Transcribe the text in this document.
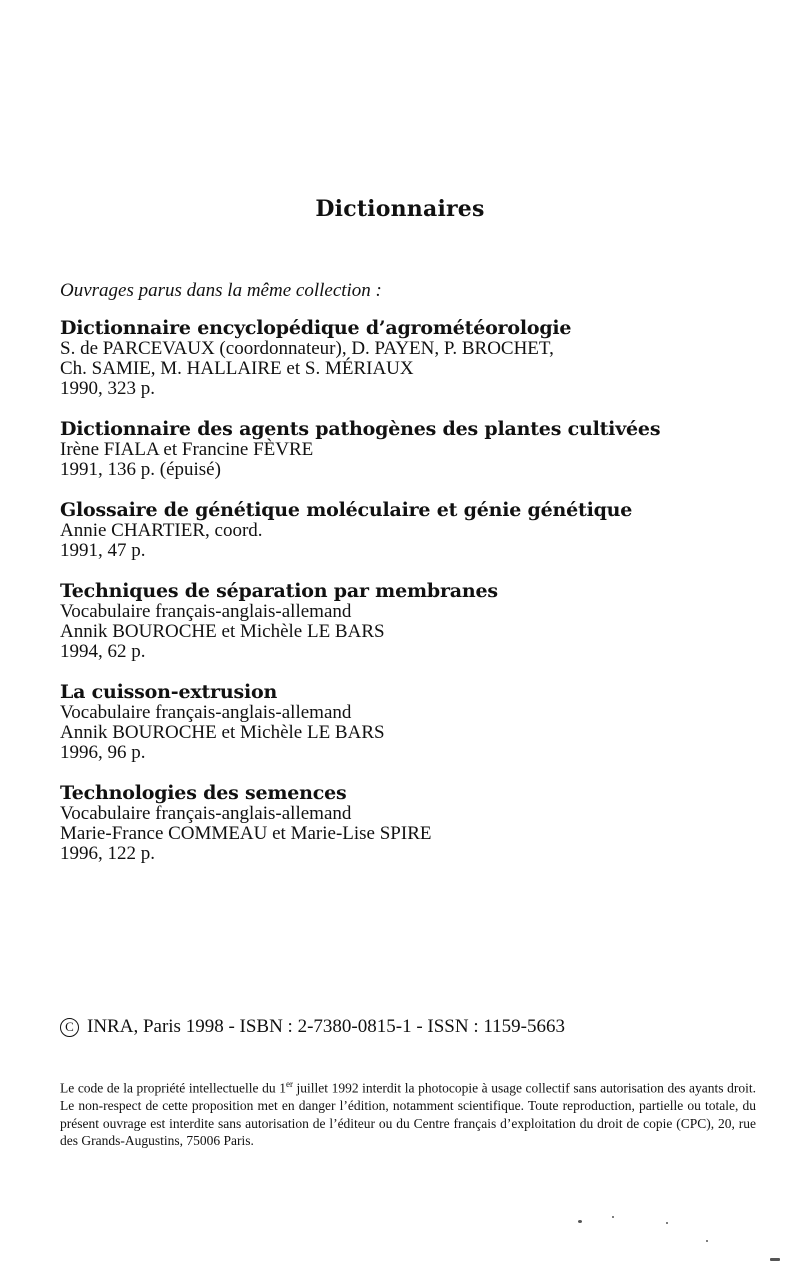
Dictionnaires
Ouvrages parus dans la même collection :
Dictionnaire encyclopédique d’agrométéorologie
S. de PARCEVAUX (coordonnateur), D. PAYEN, P. BROCHET,
Ch. SAMIE, M. HALLAIRE et S. MÉRIAUX
1990, 323 p.
Dictionnaire des agents pathogènes des plantes cultivées
Irène FIALA et Francine FÈVRE
1991, 136 p. (épuisé)
Glossaire de génétique moléculaire et génie génétique
Annie CHARTIER, coord.
1991, 47 p.
Techniques de séparation par membranes
Vocabulaire français-anglais-allemand
Annik BOUROCHE et Michèle LE BARS
1994, 62 p.
La cuisson-extrusion
Vocabulaire français-anglais-allemand
Annik BOUROCHE et Michèle LE BARS
1996, 96 p.
Technologies des semences
Vocabulaire français-anglais-allemand
Marie-France COMMEAU et Marie-Lise SPIRE
1996, 122 p.
C INRA, Paris 1998 - ISBN : 2-7380-0815-1 - ISSN : 1159-5663
Le code de la propriété intellectuelle du 1er juillet 1992 interdit la photocopie à usage collectif sans autorisation des ayants droit. Le non-respect de cette proposition met en danger l’édition, notamment scientifique. Toute reproduction, partielle ou totale, du présent ouvrage est interdite sans autorisation de l’éditeur ou du Centre français d’exploitation du droit de copie (CPC), 20, rue des Grands-Augustins, 75006 Paris.
